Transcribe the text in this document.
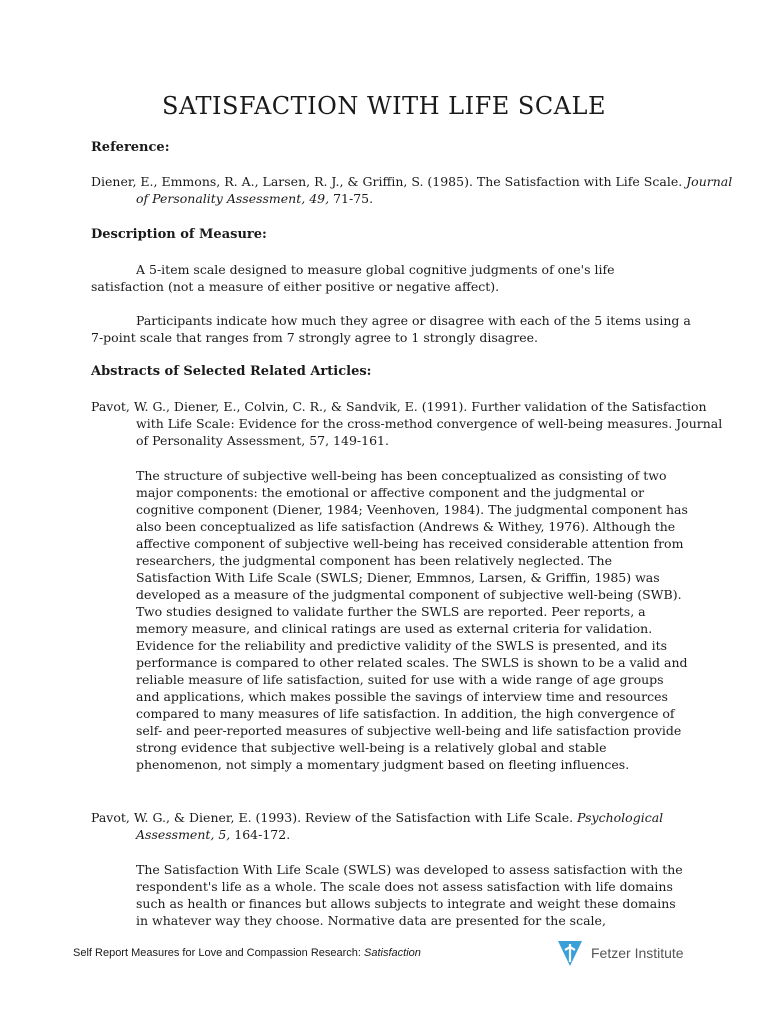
SATISFACTION WITH LIFE SCALE
Reference:

Diener, E., Emmons, R. A., Larsen, R. J., & Griffin, S. (1985). The Satisfaction with Life Scale. Journal of Personality Assessment, 49, 71-75.

Description of Measure:

A 5-item scale designed to measure global cognitive judgments of one's life satisfaction (not a measure of either positive or negative affect).

Participants indicate how much they agree or disagree with each of the 5 items using a 7-point scale that ranges from 7 strongly agree to 1 strongly disagree.

Abstracts of Selected Related Articles:

Pavot, W. G., Diener, E., Colvin, C. R., & Sandvik, E. (1991). Further validation of the Satisfaction with Life Scale: Evidence for the cross-method convergence of well-being measures. Journal of Personality Assessment, 57, 149-161.

The structure of subjective well-being has been conceptualized as consisting of two major components: the emotional or affective component and the judgmental or cognitive component (Diener, 1984; Veenhoven, 1984). The judgmental component has also been conceptualized as life satisfaction (Andrews & Withey, 1976). Although the affective component of subjective well-being has received considerable attention from researchers, the judgmental component has been relatively neglected. The Satisfaction With Life Scale (SWLS; Diener, Emmnos, Larsen, & Griffin, 1985) was developed as a measure of the judgmental component of subjective well-being (SWB). Two studies designed to validate further the SWLS are reported. Peer reports, a memory measure, and clinical ratings are used as external criteria for validation. Evidence for the reliability and predictive validity of the SWLS is presented, and its performance is compared to other related scales. The SWLS is shown to be a valid and reliable measure of life satisfaction, suited for use with a wide range of age groups and applications, which makes possible the savings of interview time and resources compared to many measures of life satisfaction. In addition, the high convergence of self- and peer-reported measures of subjective well-being and life satisfaction provide strong evidence that subjective well-being is a relatively global and stable phenomenon, not simply a momentary judgment based on fleeting influences.

Pavot, W. G., & Diener, E. (1993). Review of the Satisfaction with Life Scale. Psychological Assessment, 5, 164-172.

The Satisfaction With Life Scale (SWLS) was developed to assess satisfaction with the respondent's life as a whole. The scale does not assess satisfaction with life domains such as health or finances but allows subjects to integrate and weight these domains in whatever way they choose. Normative data are presented for the scale,

Self Report Measures for Love and Compassion Research: Satisfaction	Fetzer Institute
